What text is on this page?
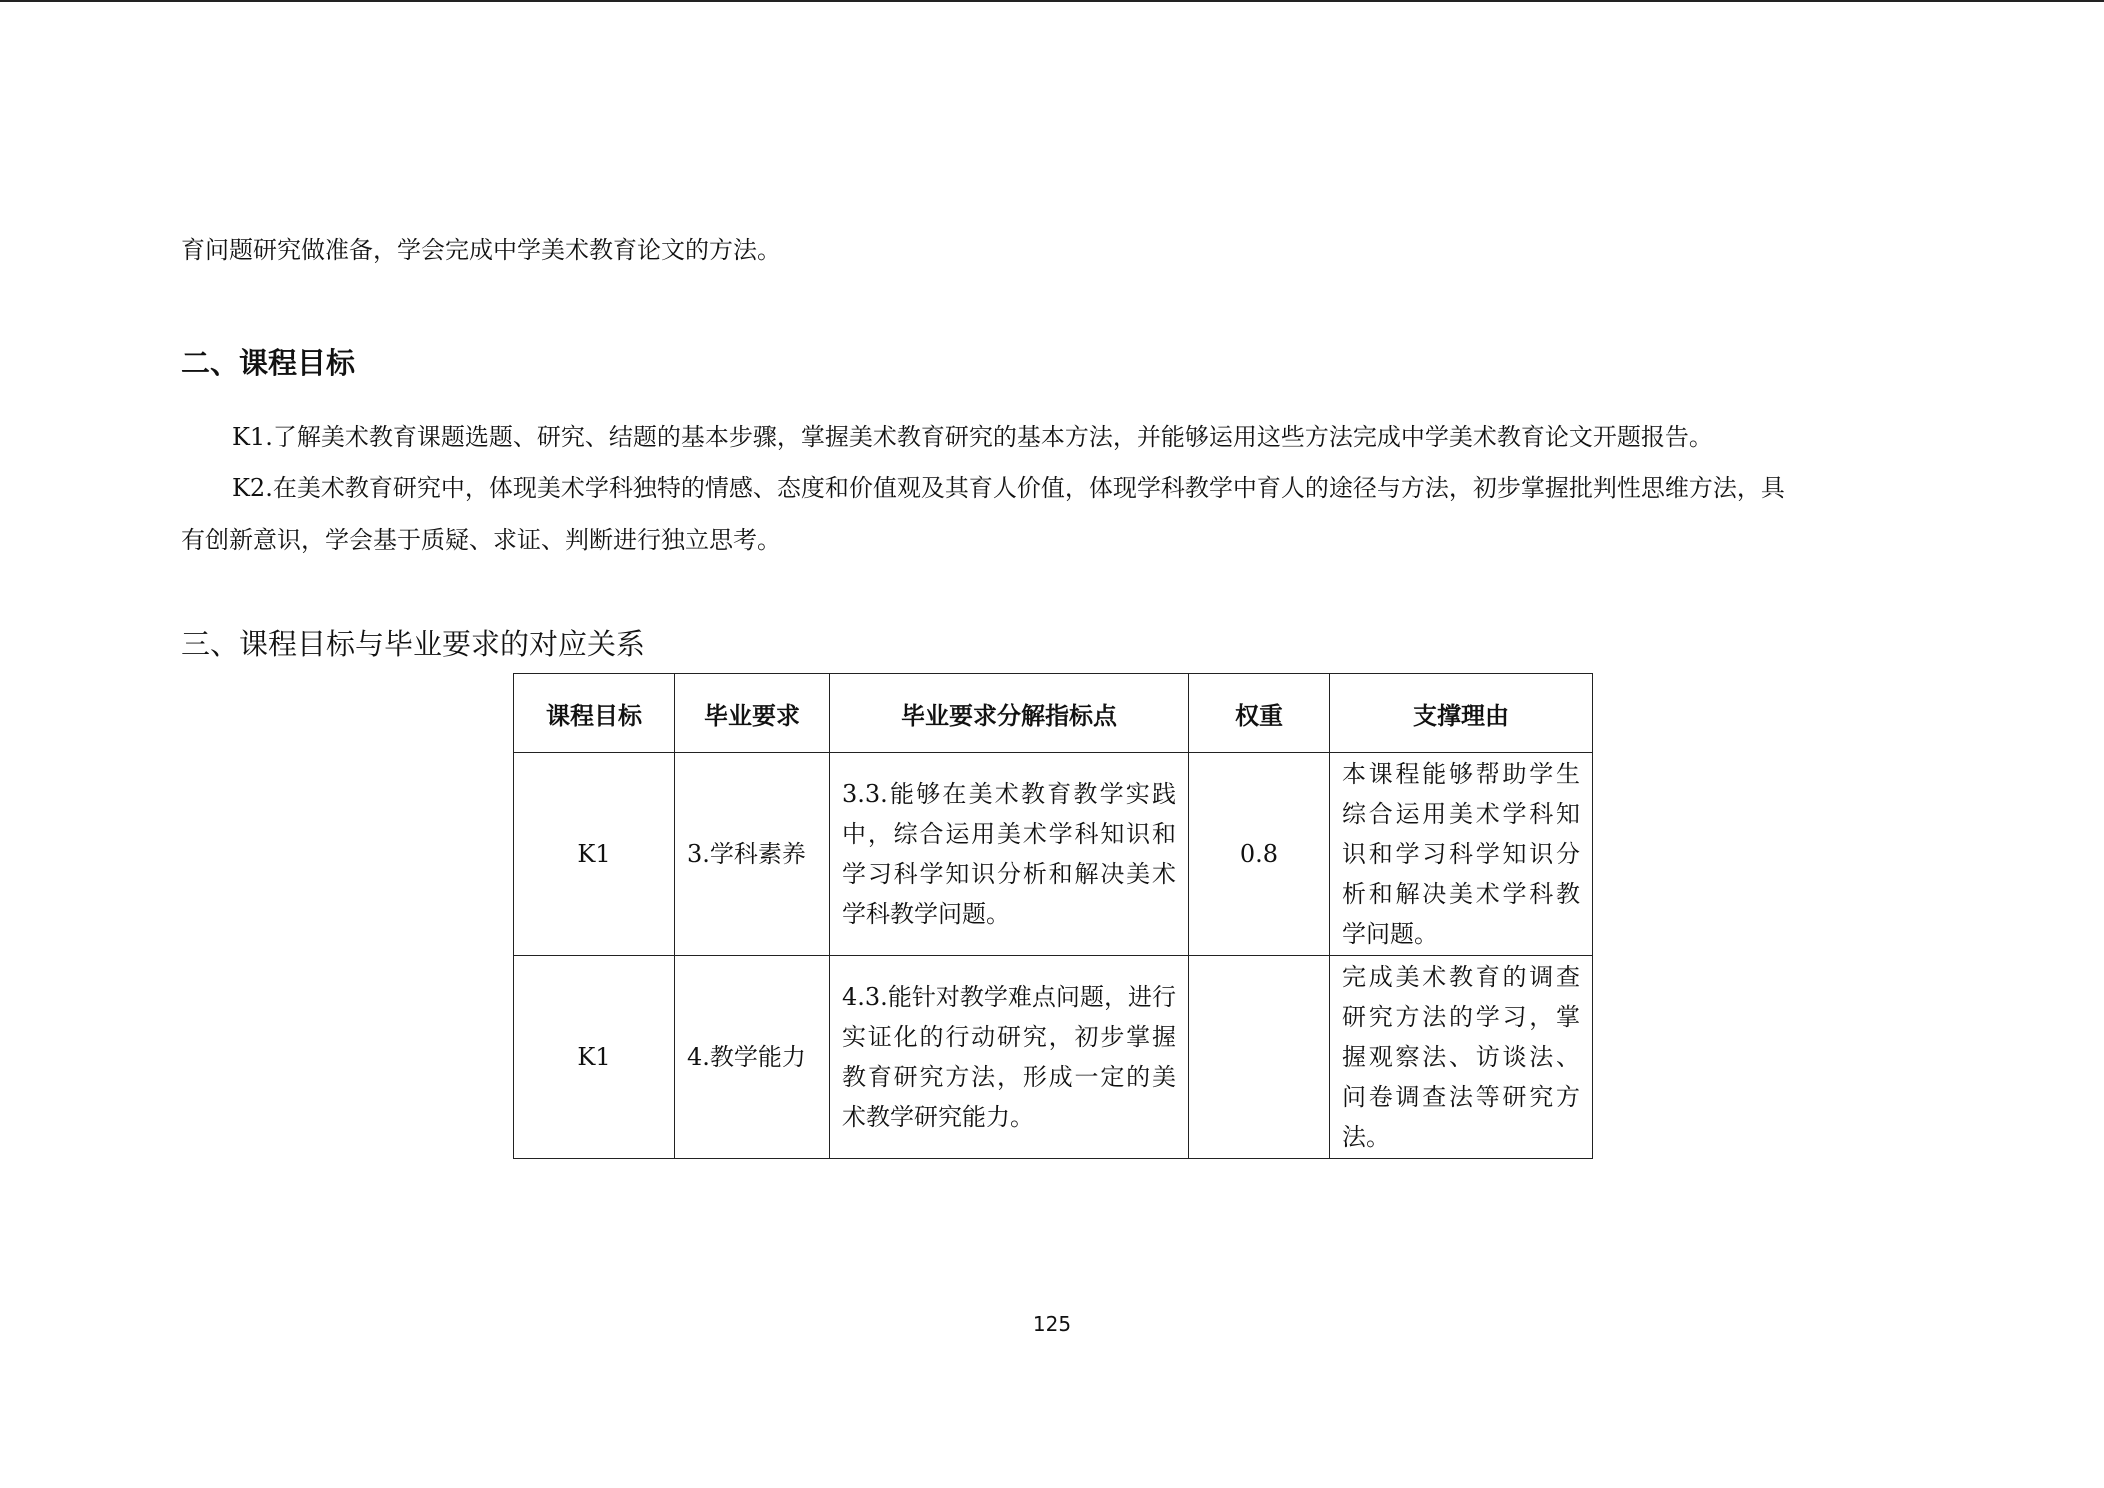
育问题研究做准备，学会完成中学美术教育论文的方法。
二、课程目标
K1.了解美术教育课题选题、研究、结题的基本步骤，掌握美术教育研究的基本方法，并能够运用这些方法完成中学美术教育论文开题报告。
K2.在美术教育研究中，体现美术学科独特的情感、态度和价值观及其育人价值，体现学科教学中育人的途径与方法，初步掌握批判性思维方法，具
有创新意识，学会基于质疑、求证、判断进行独立思考。
三、课程目标与毕业要求的对应关系
课程目标	毕业要求	毕业要求分解指标点	权重	支撑理由
K1	3.学科素养	3.3.能够在美术教育教学实践中，综合运用美术学科知识和学习科学知识分析和解决美术学科教学问题。	0.8	本课程能够帮助学生综合运用美术学科知识和学习科学知识分析和解决美术学科教学问题。

K1	4.教学能力	4.3.能针对教学难点问题，进行实证化的行动研究，初步掌握教育研究方法，形成一定的美术教学研究能力。		完成美术教育的调查研究方法的学习，掌握观察法、访谈法、问卷调查法等研究方法。
125
